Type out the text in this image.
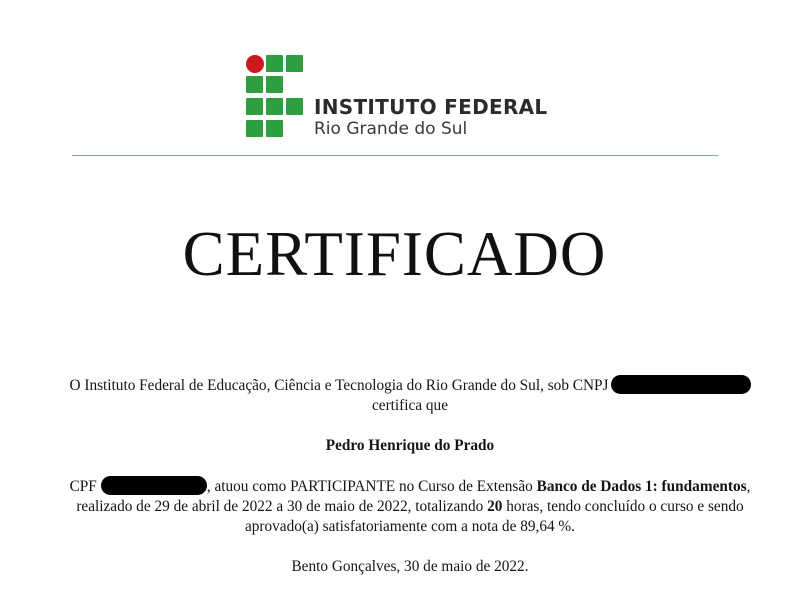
INSTITUTO FEDERAL
Rio Grande do Sul
CERTIFICADO
O Instituto Federal de Educação, Ciência e Tecnologia do Rio Grande do Sul, sob CNPJ
certifica que
Pedro Henrique do Prado
CPF	, atuou como PARTICIPANTE no Curso de Extensão Banco de Dados 1: fundamentos, realizado de 29 de abril de 2022 a 30 de maio de 2022, totalizando 20 horas, tendo concluído o curso e sendo aprovado(a) satisfatoriamente com a nota de 89,64 %.
Bento Gonçalves, 30 de maio de 2022.
